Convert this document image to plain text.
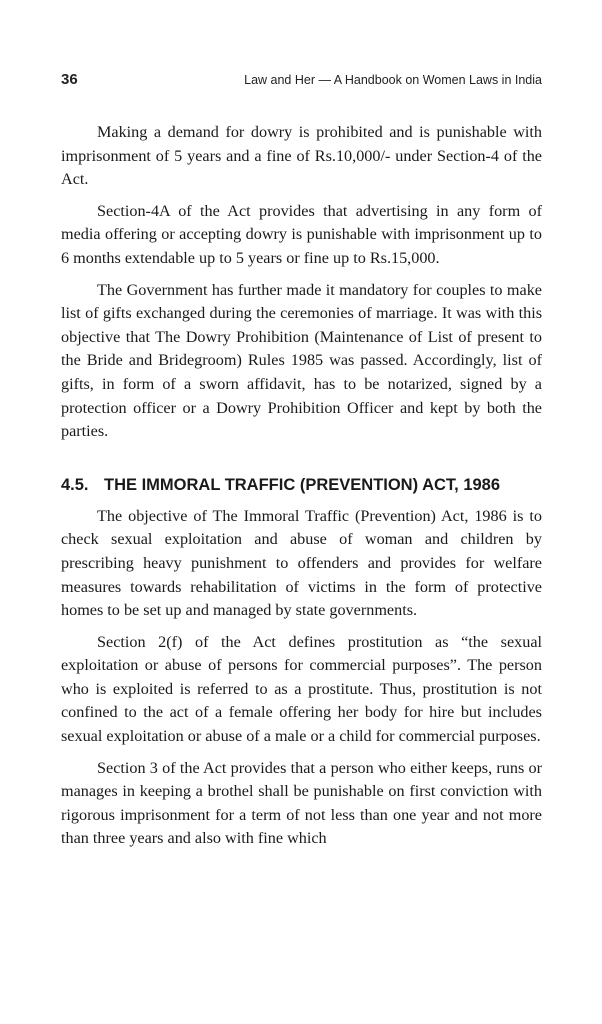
36	Law and Her — A Handbook on Women Laws in India

Making a demand for dowry is prohibited and is punishable with imprisonment of 5 years and a fine of Rs.10,000/- under Section-4 of the Act.

Section-4A of the Act provides that advertising in any form of media offering or accepting dowry is punishable with imprisonment up to 6 months extendable up to 5 years or fine up to Rs.15,000.

The Government has further made it mandatory for couples to make list of gifts exchanged during the ceremonies of marriage. It was with this objective that The Dowry Prohibition (Maintenance of List of present to the Bride and Bridegroom) Rules 1985 was passed. Accordingly, list of gifts, in form of a sworn affidavit, has to be notarized, signed by a protection officer or a Dowry Prohibition Officer and kept by both the parties.

4.5. THE IMMORAL TRAFFIC (PREVENTION) ACT, 1986

The objective of The Immoral Traffic (Prevention) Act, 1986 is to check sexual exploitation and abuse of woman and children by prescribing heavy punishment to offenders and provides for welfare measures towards rehabilitation of victims in the form of protective homes to be set up and managed by state governments.

Section 2(f) of the Act defines prostitution as “the sexual exploitation or abuse of persons for commercial purposes”. The person who is exploited is referred to as a prostitute. Thus, prostitution is not confined to the act of a female offering her body for hire but includes sexual exploitation or abuse of a male or a child for commercial purposes.

Section 3 of the Act provides that a person who either keeps, runs or manages in keeping a brothel shall be punishable on first conviction with rigorous imprisonment for a term of not less than one year and not more than three years and also with fine which
